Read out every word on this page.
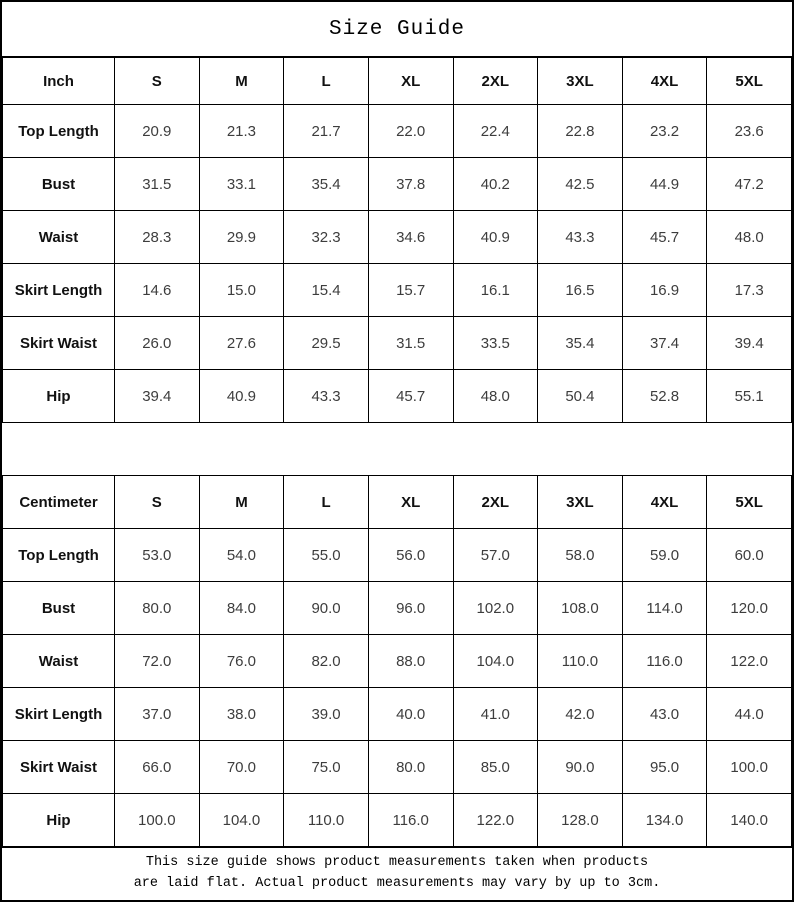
Size Guide
Inch	S	M	L	XL	2XL	3XL	4XL	5XL
Top Length	20.9	21.3	21.7	22.0	22.4	22.8	23.2	23.6
Bust	31.5	33.1	35.4	37.8	40.2	42.5	44.9	47.2
Waist	28.3	29.9	32.3	34.6	40.9	43.3	45.7	48.0
Skirt Length	14.6	15.0	15.4	15.7	16.1	16.5	16.9	17.3
Skirt Waist	26.0	27.6	29.5	31.5	33.5	35.4	37.4	39.4
Hip	39.4	40.9	43.3	45.7	48.0	50.4	52.8	55.1
Centimeter	S	M	L	XL	2XL	3XL	4XL	5XL
Top Length	53.0	54.0	55.0	56.0	57.0	58.0	59.0	60.0
Bust	80.0	84.0	90.0	96.0	102.0	108.0	114.0	120.0
Waist	72.0	76.0	82.0	88.0	104.0	110.0	116.0	122.0
Skirt Length	37.0	38.0	39.0	40.0	41.0	42.0	43.0	44.0
Skirt Waist	66.0	70.0	75.0	80.0	85.0	90.0	95.0	100.0
Hip	100.0	104.0	110.0	116.0	122.0	128.0	134.0	140.0
This size guide shows product measurements taken when products
are laid flat. Actual product measurements may vary by up to 3cm.
